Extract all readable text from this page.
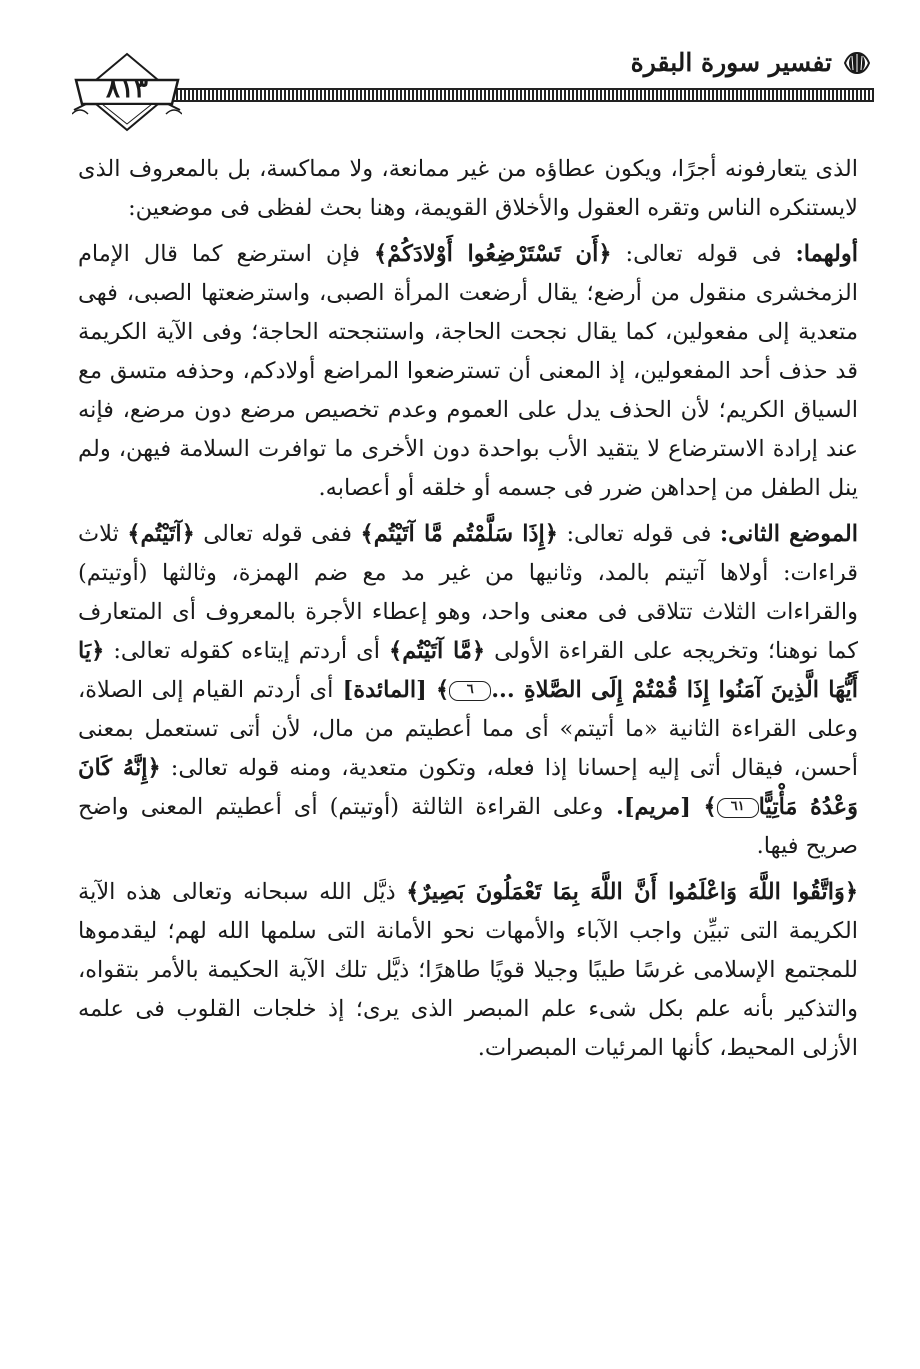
تفسير سورة البقرة
٨١٣

الذى يتعارفونه أجرًا، ويكون عطاؤه من غير ممانعة، ولا مماكسة، بل بالمعروف الذى لايستنكره الناس وتقره العقول والأخلاق القويمة، وهنا بحث لفظى فى موضعين:

أولهما: فى قوله تعالى: ﴿أَن تَسْتَرْضِعُوا أَوْلادَكُمْ﴾ فإن استرضع كما قال الإمام الزمخشرى منقول من أرضع؛ يقال أرضعت المرأة الصبى، واسترضعتها الصبى، فهى متعدية إلى مفعولين، كما يقال نجحت الحاجة، واستنجحته الحاجة؛ وفى الآية الكريمة قد حذف أحد المفعولين، إذ المعنى أن تسترضعوا المراضع أولادكم، وحذفه متسق مع السياق الكريم؛ لأن الحذف يدل على العموم وعدم تخصيص مرضع دون مرضع، فإنه عند إرادة الاسترضاع لا يتقيد الأب بواحدة دون الأخرى ما توافرت السلامة فيهن، ولم ينل الطفل من إحداهن ضرر فى جسمه أو خلقه أو أعصابه.

الموضع الثانى: فى قوله تعالى: ﴿إِذَا سَلَّمْتُم مَّا آتَيْتُم﴾ ففى قوله تعالى ﴿آتَيْتُم﴾ ثلاث قراءات: أولاها آتيتم بالمد، وثانيها من غير مد مع ضم الهمزة، وثالثها (أوتيتم) والقراءات الثلاث تتلاقى فى معنى واحد، وهو إعطاء الأجرة بالمعروف أى المتعارف كما نوهنا؛ وتخريجه على القراءة الأولى ﴿مَّا آتَيْتُم﴾ أى أردتم إيتاءه كقوله تعالى: ﴿يَا أَيُّهَا الَّذِينَ آمَنُوا إِذَا قُمْتُمْ إِلَى الصَّلاةِ ...٦﴾ [المائدة] أى أردتم القيام إلى الصلاة، وعلى القراءة الثانية «ما أتيتم» أى مما أعطيتم من مال، لأن أتى تستعمل بمعنى أحسن، فيقال أتى إليه إحسانا إذا فعله، وتكون متعدية، ومنه قوله تعالى: ﴿إِنَّهُ كَانَ وَعْدُهُ مَأْتِيًّا٦١﴾ [مريم]. وعلى القراءة الثالثة (أوتيتم) أى أعطيتم المعنى واضح صريح فيها.

﴿وَاتَّقُوا اللَّهَ وَاعْلَمُوا أَنَّ اللَّهَ بِمَا تَعْمَلُونَ بَصِيرٌ﴾ ذيَّل الله سبحانه وتعالى هذه الآية الكريمة التى تبيِّن واجب الآباء والأمهات نحو الأمانة التى سلمها الله لهم؛ ليقدموها للمجتمع الإسلامى غرسًا طيبًا وجيلا قويًا طاهرًا؛ ذيَّل تلك الآية الحكيمة بالأمر بتقواه، والتذكير بأنه علم بكل شىء علم المبصر الذى يرى؛ إذ خلجات القلوب فى علمه الأزلى المحيط، كأنها المرئيات المبصرات.
